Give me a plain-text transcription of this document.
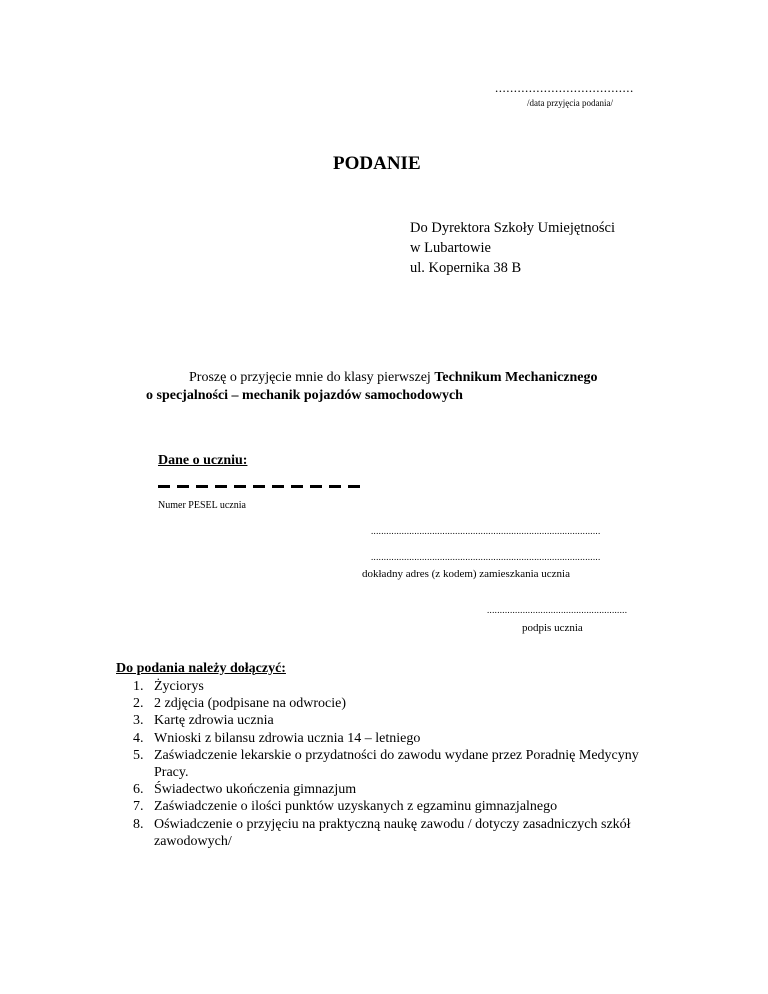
.....................................
/data przyjęcia podania/
PODANIE
Do Dyrektora Szkoły Umiejętności
w Lubartowie
ul. Kopernika 38 B
Proszę o przyjęcie mnie do klasy pierwszej Technikum Mechanicznego
o specjalności – mechanik pojazdów samochodowych
Dane o uczniu:
Numer PESEL ucznia
..........................................................................................
..........................................................................................
dokładny adres (z kodem) zamieszkania ucznia
.......................................................
podpis ucznia
Do podania należy dołączyć:
1. Życiorys
2. 2 zdjęcia (podpisane na odwrocie)
3. Kartę zdrowia ucznia
4. Wnioski z bilansu zdrowia ucznia 14 – letniego
5. Zaświadczenie lekarskie o przydatności do zawodu wydane przez Poradnię Medycyny Pracy.
6. Świadectwo ukończenia gimnazjum
7. Zaświadczenie o ilości punktów uzyskanych z egzaminu gimnazjalnego
8. Oświadczenie o przyjęciu na praktyczną naukę zawodu / dotyczy zasadniczych szkół zawodowych/
